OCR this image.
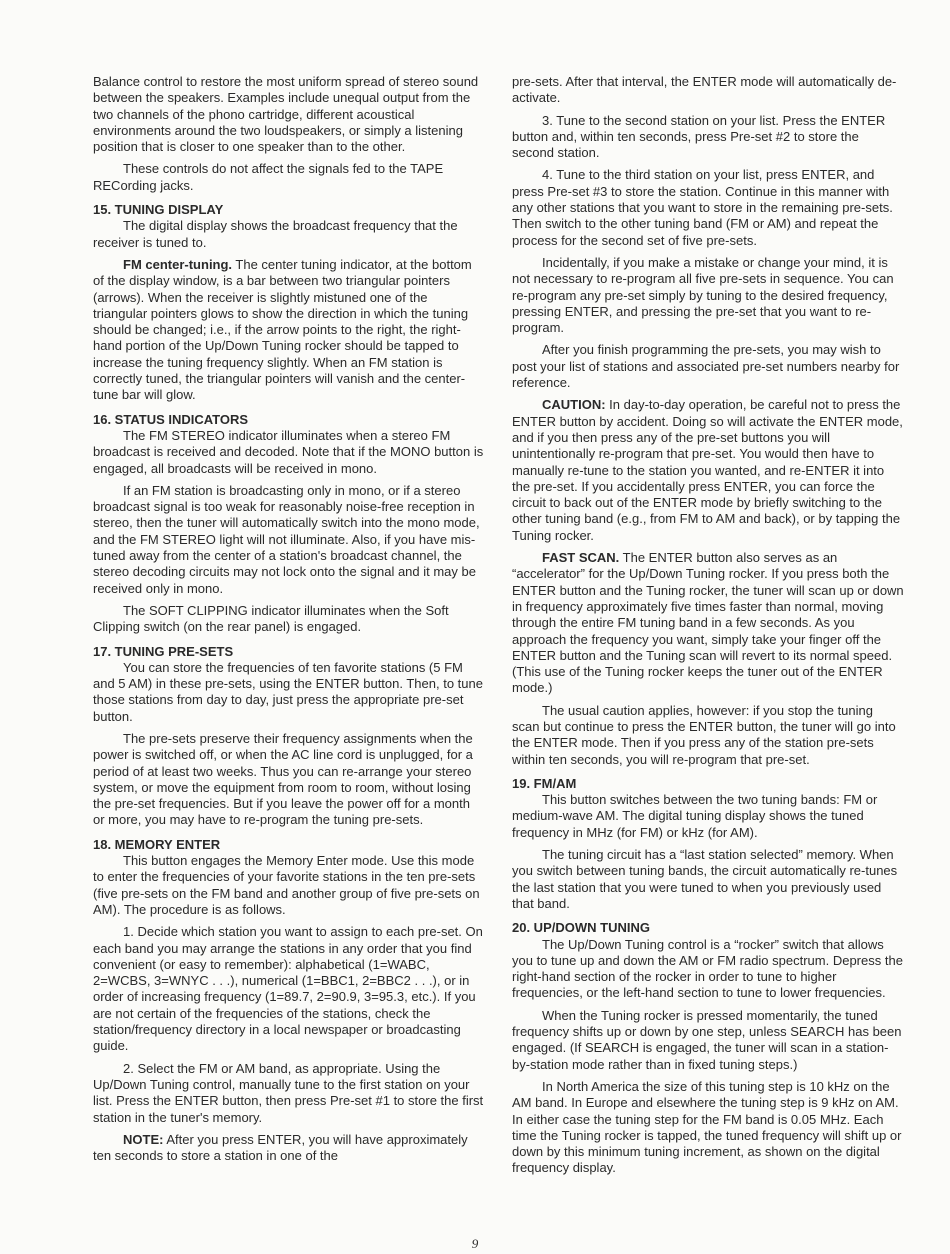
Balance control to restore the most uniform spread of stereo sound between the speakers. Examples include unequal output from the two channels of the phono cartridge, different acoustical environments around the two loudspeakers, or simply a listening position that is closer to one speaker than to the other.

These controls do not affect the signals fed to the TAPE RECording jacks.

15. TUNING DISPLAY

The digital display shows the broadcast frequency that the receiver is tuned to.

FM center-tuning. The center tuning indicator, at the bottom of the display window, is a bar between two triangular pointers (arrows). When the receiver is slightly mistuned one of the triangular pointers glows to show the direction in which the tuning should be changed; i.e., if the arrow points to the right, the right-hand portion of the Up/Down Tuning rocker should be tapped to increase the tuning frequency slightly. When an FM station is correctly tuned, the triangular pointers will vanish and the center-tune bar will glow.

16. STATUS INDICATORS

The FM STEREO indicator illuminates when a stereo FM broadcast is received and decoded. Note that if the MONO button is engaged, all broadcasts will be received in mono.

If an FM station is broadcasting only in mono, or if a stereo broadcast signal is too weak for reasonably noise-free reception in stereo, then the tuner will automatically switch into the mono mode, and the FM STEREO light will not illuminate. Also, if you have mis-tuned away from the center of a station's broadcast channel, the stereo decoding circuits may not lock onto the signal and it may be received only in mono.

The SOFT CLIPPING indicator illuminates when the Soft Clipping switch (on the rear panel) is engaged.

17. TUNING PRE-SETS

You can store the frequencies of ten favorite stations (5 FM and 5 AM) in these pre-sets, using the ENTER button. Then, to tune those stations from day to day, just press the appropriate pre-set button.

The pre-sets preserve their frequency assignments when the power is switched off, or when the AC line cord is unplugged, for a period of at least two weeks. Thus you can re-arrange your stereo system, or move the equipment from room to room, without losing the pre-set frequencies. But if you leave the power off for a month or more, you may have to re-program the tuning pre-sets.

18. MEMORY ENTER

This button engages the Memory Enter mode. Use this mode to enter the frequencies of your favorite stations in the ten pre-sets (five pre-sets on the FM band and another group of five pre-sets on AM). The procedure is as follows.

1. Decide which station you want to assign to each pre-set. On each band you may arrange the stations in any order that you find convenient (or easy to remember): alphabetical (1=WABC, 2=WCBS, 3=WNYC . . .), numerical (1=BBC1, 2=BBC2 . . .), or in order of increasing frequency (1=89.7, 2=90.9, 3=95.3, etc.). If you are not certain of the frequencies of the stations, check the station/frequency directory in a local newspaper or broadcasting guide.

2. Select the FM or AM band, as appropriate. Using the Up/Down Tuning control, manually tune to the first station on your list. Press the ENTER button, then press Pre-set #1 to store the first station in the tuner's memory.

NOTE: After you press ENTER, you will have approximately ten seconds to store a station in one of the

pre-sets. After that interval, the ENTER mode will automatically de-activate.

3. Tune to the second station on your list. Press the ENTER button and, within ten seconds, press Pre-set #2 to store the second station.

4. Tune to the third station on your list, press ENTER, and press Pre-set #3 to store the station. Continue in this manner with any other stations that you want to store in the remaining pre-sets. Then switch to the other tuning band (FM or AM) and repeat the process for the second set of five pre-sets.

Incidentally, if you make a mistake or change your mind, it is not necessary to re-program all five pre-sets in sequence. You can re-program any pre-set simply by tuning to the desired frequency, pressing ENTER, and pressing the pre-set that you want to re-program.

After you finish programming the pre-sets, you may wish to post your list of stations and associated pre-set numbers nearby for reference.

CAUTION: In day-to-day operation, be careful not to press the ENTER button by accident. Doing so will activate the ENTER mode, and if you then press any of the pre-set buttons you will unintentionally re-program that pre-set. You would then have to manually re-tune to the station you wanted, and re-ENTER it into the pre-set. If you accidentally press ENTER, you can force the circuit to back out of the ENTER mode by briefly switching to the other tuning band (e.g., from FM to AM and back), or by tapping the Tuning rocker.

FAST SCAN. The ENTER button also serves as an “accelerator” for the Up/Down Tuning rocker. If you press both the ENTER button and the Tuning rocker, the tuner will scan up or down in frequency approximately five times faster than normal, moving through the entire FM tuning band in a few seconds. As you approach the frequency you want, simply take your finger off the ENTER button and the Tuning scan will revert to its normal speed. (This use of the Tuning rocker keeps the tuner out of the ENTER mode.)

The usual caution applies, however: if you stop the tuning scan but continue to press the ENTER button, the tuner will go into the ENTER mode. Then if you press any of the station pre-sets within ten seconds, you will re-program that pre-set.

19. FM/AM

This button switches between the two tuning bands: FM or medium-wave AM. The digital tuning display shows the tuned frequency in MHz (for FM) or kHz (for AM).

The tuning circuit has a “last station selected” memory. When you switch between tuning bands, the circuit automatically re-tunes the last station that you were tuned to when you previously used that band.

20. UP/DOWN TUNING

The Up/Down Tuning control is a “rocker” switch that allows you to tune up and down the AM or FM radio spectrum. Depress the right-hand section of the rocker in order to tune to higher frequencies, or the left-hand section to tune to lower frequencies.

When the Tuning rocker is pressed momentarily, the tuned frequency shifts up or down by one step, unless SEARCH has been engaged. (If SEARCH is engaged, the tuner will scan in a station-by-station mode rather than in fixed tuning steps.)

In North America the size of this tuning step is 10 kHz on the AM band. In Europe and elsewhere the tuning step is 9 kHz on AM. In either case the tuning step for the FM band is 0.05 MHz. Each time the Tuning rocker is tapped, the tuned frequency will shift up or down by this minimum tuning increment, as shown on the digital frequency display.

9
